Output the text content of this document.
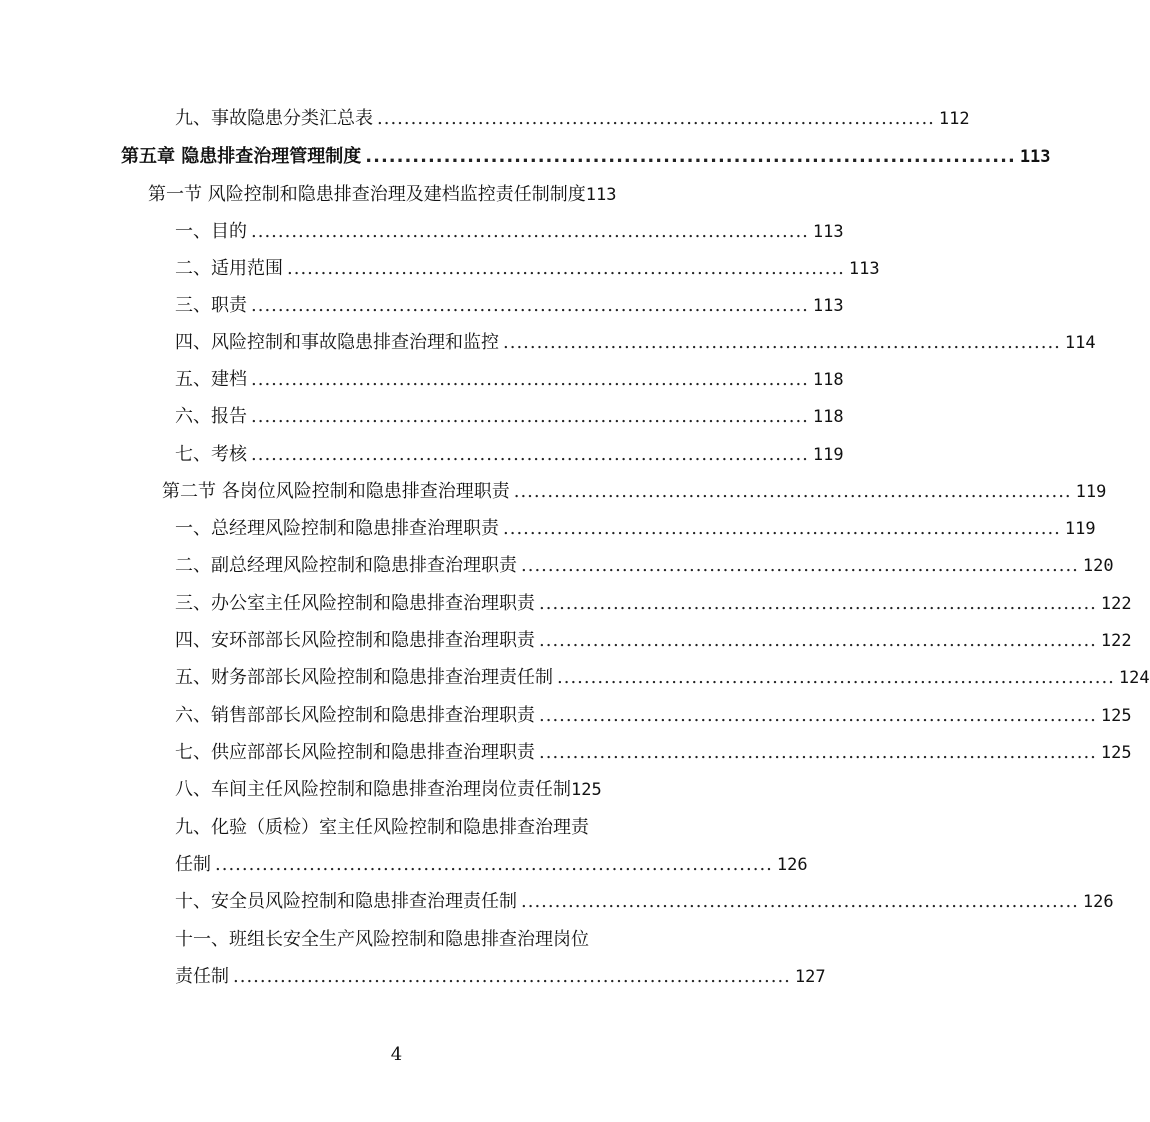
九、事故隐患分类汇总表 ................................................................................... 112
第五章 隐患排查治理管理制度 ................................................................................... 113
第一节 风险控制和隐患排查治理及建档监控责任制制度 113
一、目的 ................................................................................... 113
二、适用范围 ................................................................................... 113
三、职责 ................................................................................... 113
四、风险控制和事故隐患排查治理和监控 ................................................................................... 114
五、建档 ................................................................................... 118
六、报告 ................................................................................... 118
七、考核 ................................................................................... 119
第二节 各岗位风险控制和隐患排查治理职责 ................................................................................... 119
一、总经理风险控制和隐患排查治理职责 ................................................................................... 119
二、副总经理风险控制和隐患排查治理职责 ................................................................................... 120
三、办公室主任风险控制和隐患排查治理职责 ................................................................................... 122
四、安环部部长风险控制和隐患排查治理职责 ................................................................................... 122
五、财务部部长风险控制和隐患排查治理责任制 ................................................................................... 124
六、销售部部长风险控制和隐患排查治理职责 ................................................................................... 125
七、供应部部长风险控制和隐患排查治理职责 ................................................................................... 125
八、车间主任风险控制和隐患排查治理岗位责任制 125
九、化验（质检）室主任风险控制和隐患排查治理责
任制 ................................................................................... 126
十、安全员风险控制和隐患排查治理责任制 ................................................................................... 126
十一、班组长安全生产风险控制和隐患排查治理岗位
责任制 ................................................................................... 127
4
